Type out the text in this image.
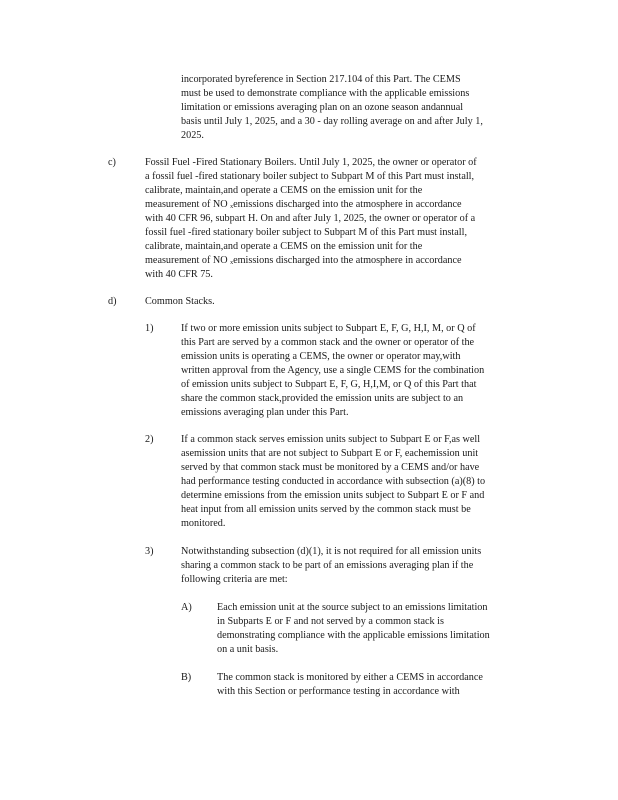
incorporated byreference in Section 217.104 of this Part. The CEMS
must be used to demonstrate compliance with the applicable emissions
limitation or emissions averaging plan on an ozone season andannual
basis until July 1, 2025, and a 30 - day rolling average on and after July 1,
2025.
c)	Fossil Fuel -Fired Stationary Boilers. Until July 1, 2025, the owner or operator of
a fossil fuel -fired stationary boiler subject to Subpart M of this Part must install,
calibrate, maintain,and operate a CEMS on the emission unit for the
measurement of NO ₓemissions discharged into the atmosphere in accordance
with 40 CFR 96, subpart H. On and after July 1, 2025, the owner or operator of a
fossil fuel -fired stationary boiler subject to Subpart M of this Part must install,
calibrate, maintain,and operate a CEMS on the emission unit for the
measurement of NO ₓemissions discharged into the atmosphere in accordance
with 40 CFR 75.
d)	Common Stacks.
1)	If two or more emission units subject to Subpart E, F, G, H,I, M, or Q of
this Part are served by a common stack and the owner or operator of the
emission units is operating a CEMS, the owner or operator may,with
written approval from the Agency, use a single CEMS for the combination
of emission units subject to Subpart E, F, G, H,I,M, or Q of this Part that
share the common stack,provided the emission units are subject to an
emissions averaging plan under this Part.
2)	If a common stack serves emission units subject to Subpart E or F,as well
asemission units that are not subject to Subpart E or F, eachemission unit
served by that common stack must be monitored by a CEMS and/or have
had performance testing conducted in accordance with subsection (a)(8) to
determine emissions from the emission units subject to Subpart E or F and
heat input from all emission units served by the common stack must be
monitored.
3)	Notwithstanding subsection (d)(1), it is not required for all emission units
sharing a common stack to be part of an emissions averaging plan if the
following criteria are met:
A) Each emission unit at the source subject to an emissions limitation
in Subparts E or F and not served by a common stack is
demonstrating compliance with the applicable emissions limitation
on a unit basis.
B)	The common stack is monitored by either a CEMS in accordance
with this Section or performance testing in accordance with
